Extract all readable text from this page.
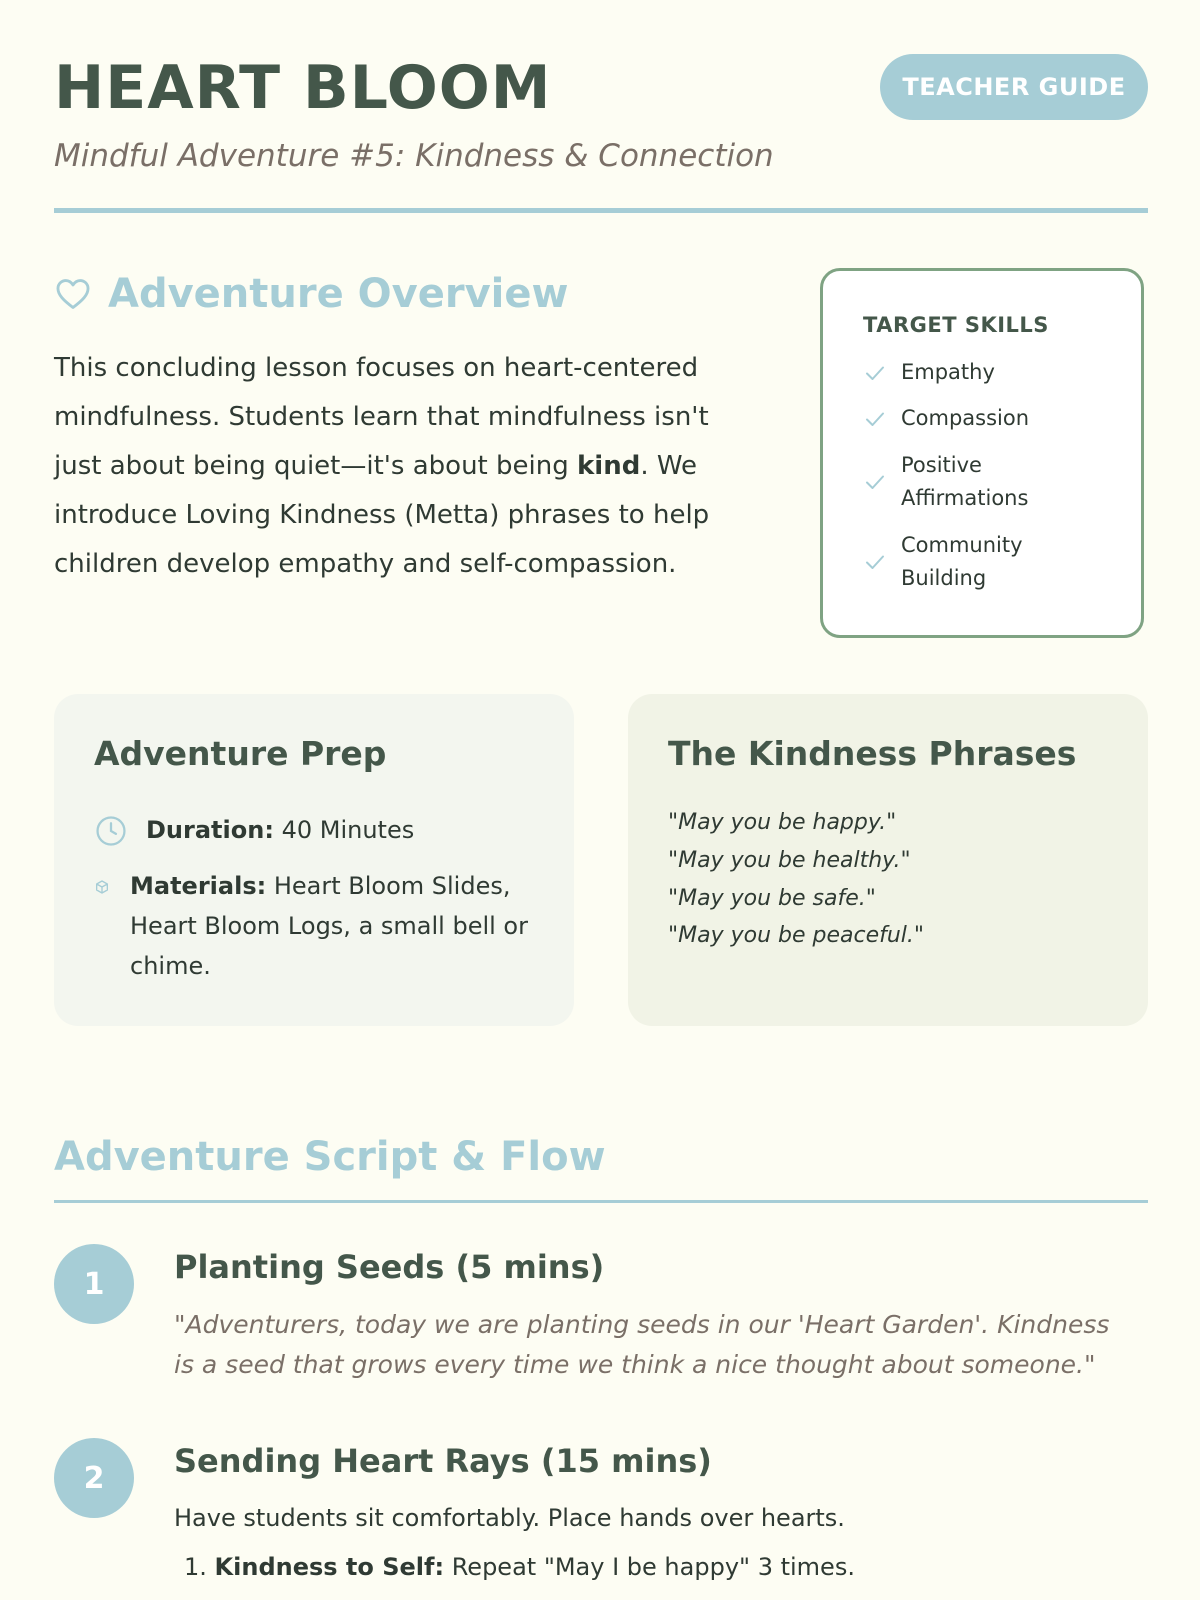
HEART BLOOM
Mindful Adventure #5: Kindness & Connection
TEACHER GUIDE
Adventure Overview

This concluding lesson focuses on heart-centered mindfulness. Students learn that mindfulness isn't just about being quiet—it's about being kind. We introduce Loving Kindness (Metta) phrases to help children develop empathy and self-compassion.

TARGET SKILLS
Empathy
Compassion
Positive Affirmations
Community Building
Adventure Prep
Duration: 40 Minutes
Materials: Heart Bloom Slides, Heart Bloom Logs, a small bell or chime.
The Kindness Phrases
"May you be happy."
"May you be healthy."
"May you be safe."
"May you be peaceful."
Adventure Script & Flow
1	Planting Seeds (5 mins)

"Adventurers, today we are planting seeds in our 'Heart Garden'. Kindness is a seed that grows every time we think a nice thought about someone."

2	Sending Heart Rays (15 mins)

Have students sit comfortably. Place hands over hearts.

1. Kindness to Self: Repeat "May I be happy" 3 times.
